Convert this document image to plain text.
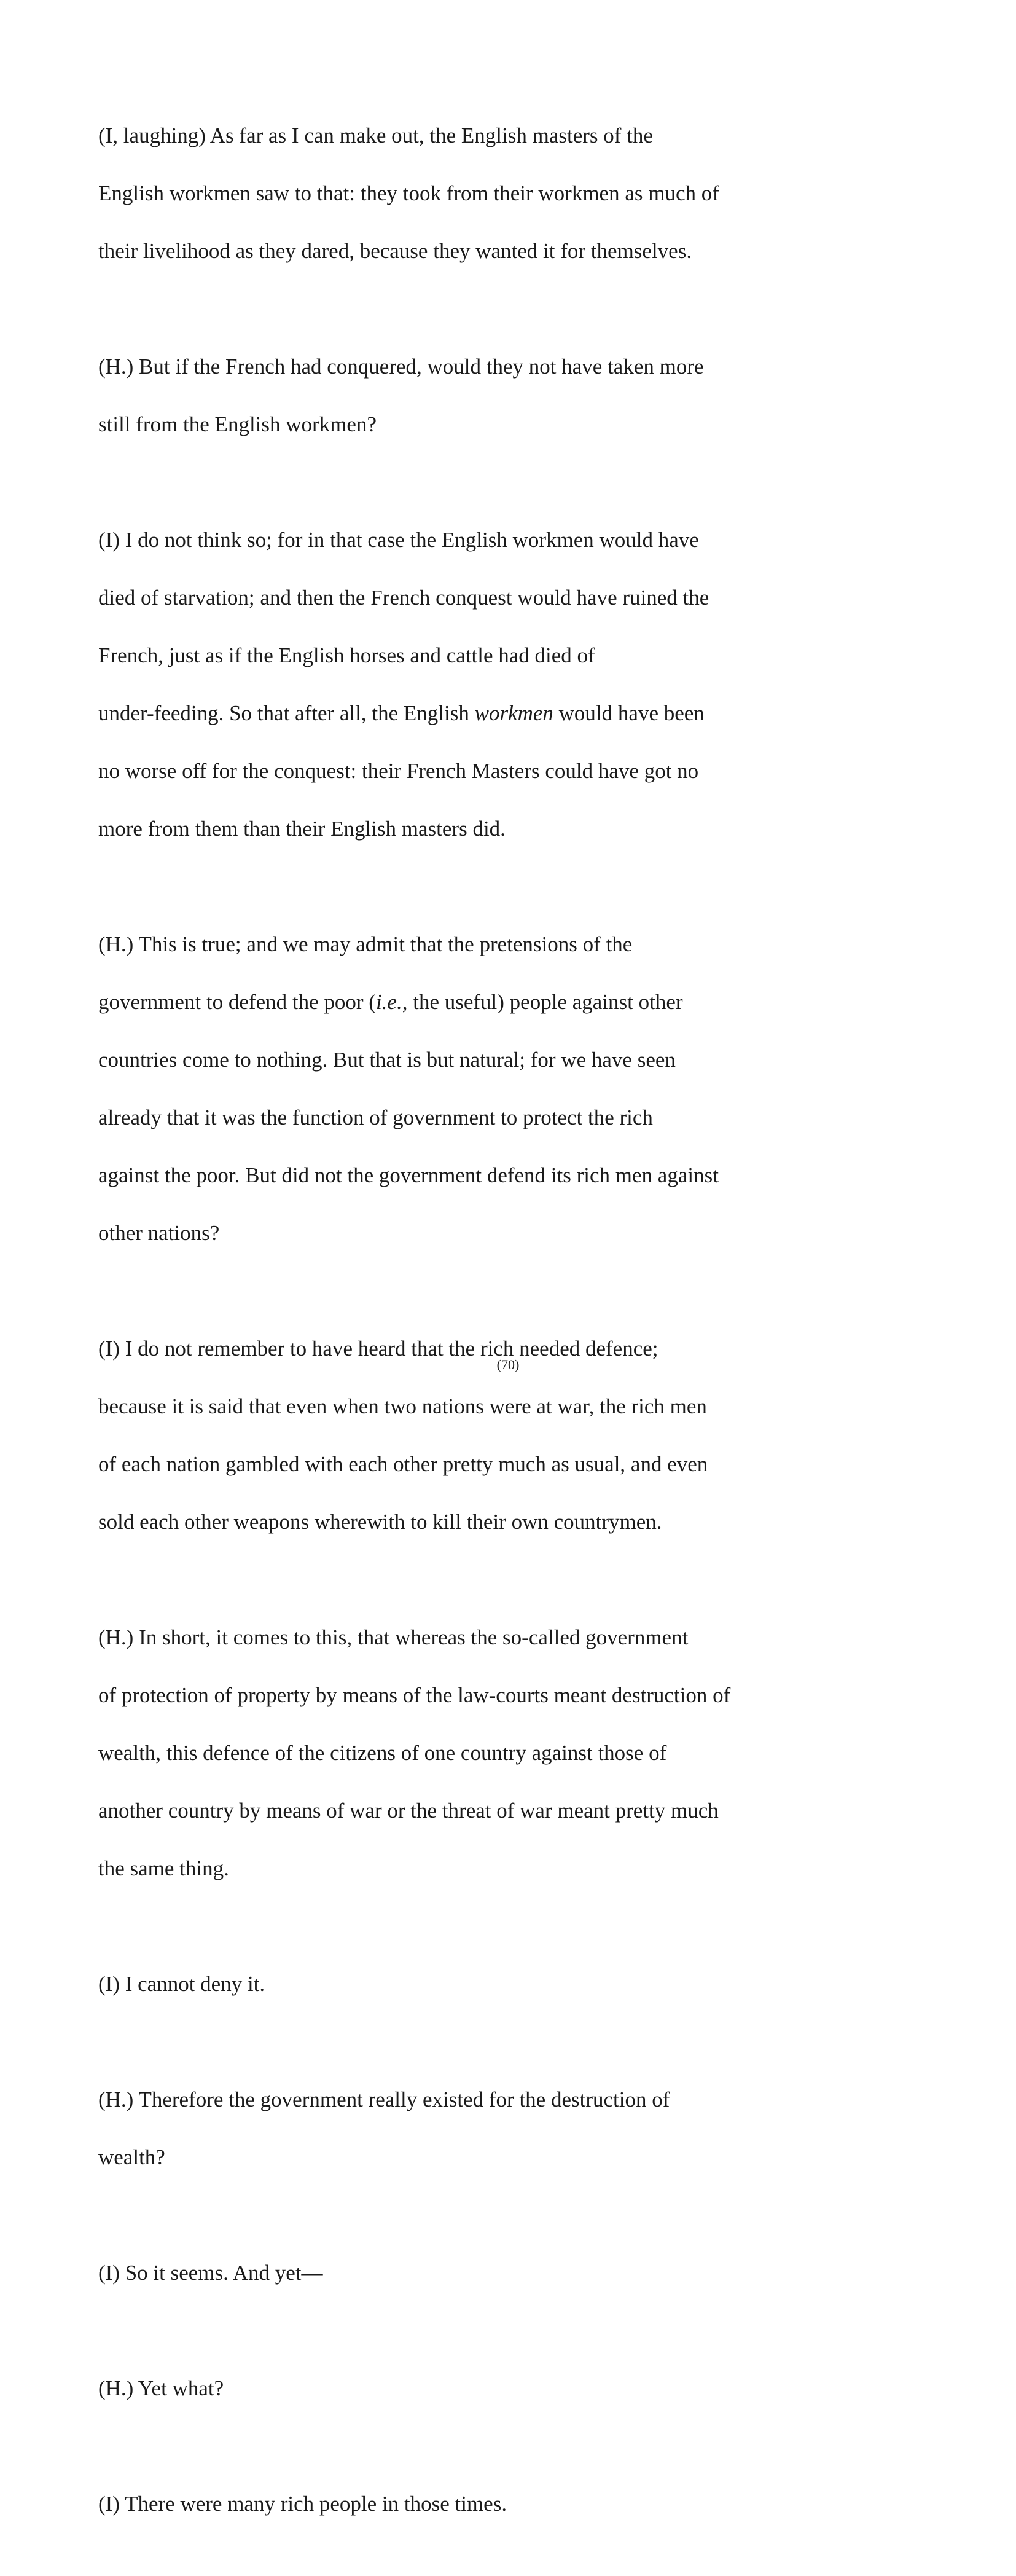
(I, laughing) As far as I can make out, the English masters of the

English workmen saw to that: they took from their workmen as much of

their livelihood as they dared, because they wanted it for themselves.

(H.) But if the French had conquered, would they not have taken more

still from the English workmen?

(I) I do not think so; for in that case the English workmen would have

died of starvation; and then the French conquest would have ruined the

French, just as if the English horses and cattle had died of

under-feeding. So that after all, the English workmen would have been

no worse off for the conquest: their French Masters could have got no

more from them than their English masters did.

(H.) This is true; and we may admit that the pretensions of the

government to defend the poor (i.e., the useful) people against other

countries come to nothing. But that is but natural; for we have seen

already that it was the function of government to protect the rich

against the poor. But did not the government defend its rich men against

other nations?

(I) I do not remember to have heard that the rich needed defence;

because it is said that even when two nations were at war, the rich men

of each nation gambled with each other pretty much as usual, and even

sold each other weapons wherewith to kill their own countrymen.

(H.) In short, it comes to this, that whereas the so-called government

of protection of property by means of the law-courts meant destruction of

wealth, this defence of the citizens of one country against those of

another country by means of war or the threat of war meant pretty much

the same thing.

(I) I cannot deny it.

(H.) Therefore the government really existed for the destruction of

wealth?

(I) So it seems. And yet—

(H.) Yet what?

(I) There were many rich people in those times.

(70)
